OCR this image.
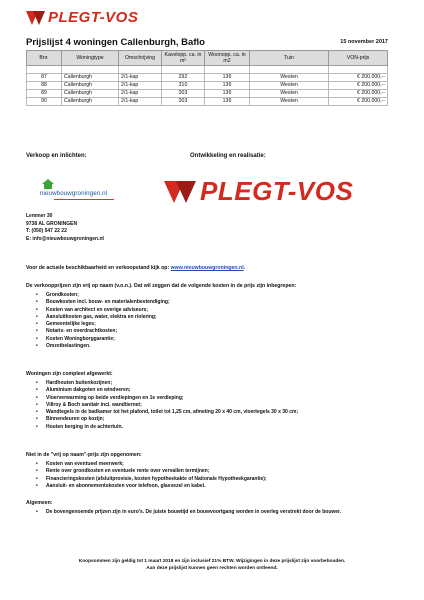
PLEGT-VOS
Prijslijst 4 woningen Callenburgh, Baflo	15 november 2017
Bnr.	Woningtype	Omschrijving	Kavelopp. ca. in m²	Woonopp. ca. in m2	Tuin	VON-prijs

87	Callenburgh	2/1-kap	292	136	Westen	€ 200.000,--
88	Callenburgh	2/1-kap	310	136	Westen	€ 200.000,--
89	Callenburgh	2/1-kap	303	136	Westen	€ 200.000,--
90	Callenburgh	2/1-kap	303	136	Westen	€ 200.000,--
Verkoop en inlichten:	Ontwikkeling en realisatie:
nieuwbouwgroningen.nl	PLEGT-VOS
Lemmer 30
9738 AL GRONINGEN
T: (050) 547 22 22
E: info@nieuwbouwgroningen.nl
Voor de actuele beschikbaarheid en verkoopstand kijk op: www.nieuwbouwgroningen.nl.
De verkoopprijzen zijn vrij op naam (v.o.n.). Dat wil zeggen dat de volgende kosten in de prijs zijn inbegrepen:
• Grondkosten;
• Bouwkosten incl. bouw- en materialenbestendiging;
• Kosten van architect en overige adviseurs;
• Aansluitkosten gas, water, elektra en riolering;
• Gemeentelijke leges;
• Notaris- en overdrachtkosten;
• Kosten Woningborggarantie;
• Omzetbelastingen.
Woningen zijn compleet afgewerkt:
• Hardhouten buitenkozijnen;
• Aluminium dakgoten en windveren;
• Vloerverwarming op beide verdiepingen en 1e verdieping;
• Villroy & Boch sanitair incl. wandtiernet;
• Wandtegels in de badkamer tot het plafond, toilet tot 1,25 cm, afmeting 20 x 40 cm, vloertegels 30 x 30 cm;
• Binnendeuren op kozijn;
• Houten berging in de achtertuin.
Niet in de "vrij op naam"-prijs zijn opgenomen:
• Kosten van eventueel meerwerk;
• Rente over grondkosten en eventuele rente over vervallen termijnen;
• Financieringskosten (afsluitprovisie, kosten hypotheekakte of Nationale Hypotheekgarantie);
• Aansluit- en abonnementskosten voor telefoon, glasvezel en kabel.
Algemeen:
• De bovengenoemde prijzen zijn in euro's. De juiste bouwtijd en bouwvoortgang worden in overleg verstrekt door de bouwer.
Koopsommen zijn geldig tot 1 maart 2018 en zijn inclusief 21% BTW. Wijzigingen in deze prijslijst zijn voorbehouden.
Aan deze prijslijst kunnen geen rechten worden ontleend.
